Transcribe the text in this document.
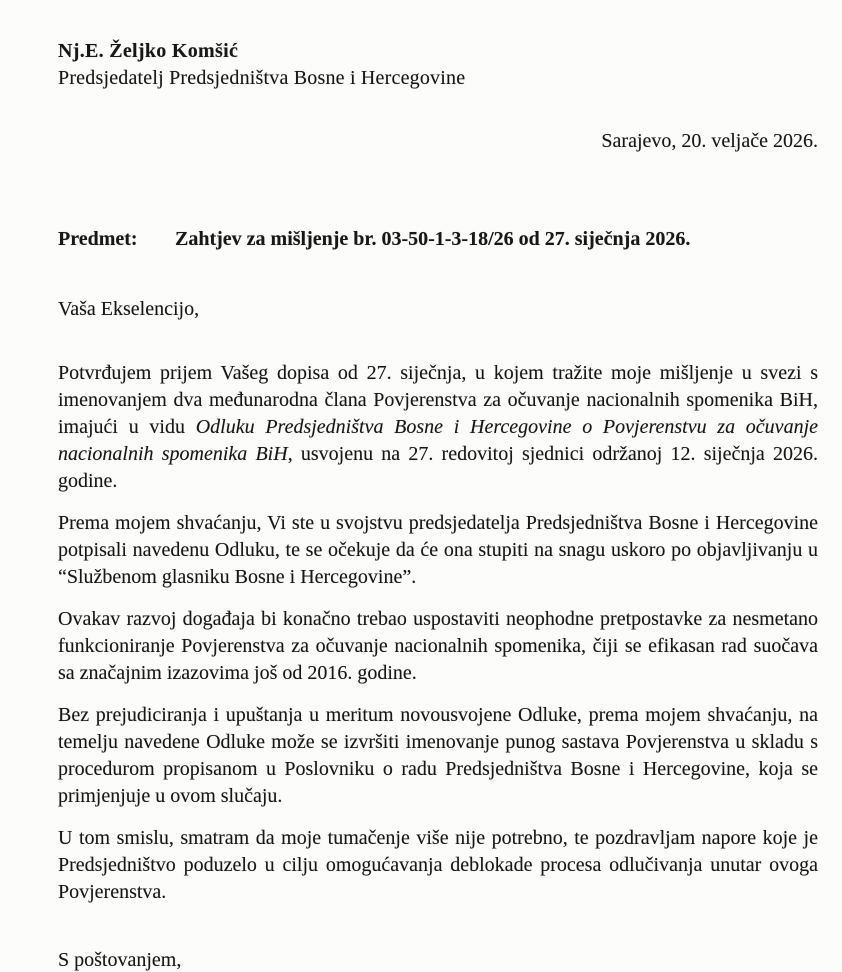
Nj.E. Željko Komšić
Predsjedatelj Predsjedništva Bosne i Hercegovine
Sarajevo, 20. veljače 2026.
Predmet: Zahtjev za mišljenje br. 03-50-1-3-18/26 od 27. siječnja 2026.
Vaša Ekselencijo,

Potvrđujem prijem Vašeg dopisa od 27. siječnja, u kojem tražite moje mišljenje u svezi s imenovanjem dva međunarodna člana Povjerenstva za očuvanje nacionalnih spomenika BiH, imajući u vidu Odluku Predsjedništva Bosne i Hercegovine o Povjerenstvu za očuvanje nacionalnih spomenika BiH, usvojenu na 27. redovitoj sjednici održanoj 12. siječnja 2026. godine.

Prema mojem shvaćanju, Vi ste u svojstvu predsjedatelja Predsjedništva Bosne i Hercegovine potpisali navedenu Odluku, te se očekuje da će ona stupiti na snagu uskoro po objavljivanju u “Službenom glasniku Bosne i Hercegovine”.

Ovakav razvoj događaja bi konačno trebao uspostaviti neophodne pretpostavke za nesmetano funkcioniranje Povjerenstva za očuvanje nacionalnih spomenika, čiji se efikasan rad suočava sa značajnim izazovima još od 2016. godine.

Bez prejudiciranja i upuštanja u meritum novousvojene Odluke, prema mojem shvaćanju, na temelju navedene Odluke može se izvršiti imenovanje punog sastava Povjerenstva u skladu s procedurom propisanom u Poslovniku o radu Predsjedništva Bosne i Hercegovine, koja se primjenjuje u ovom slučaju.

U tom smislu, smatram da moje tumačenje više nije potrebno, te pozdravljam napore koje je Predsjedništvo poduzelo u cilju omogućavanja deblokade procesa odlučivanja unutar ovoga Povjerenstva.

S poštovanjem,
